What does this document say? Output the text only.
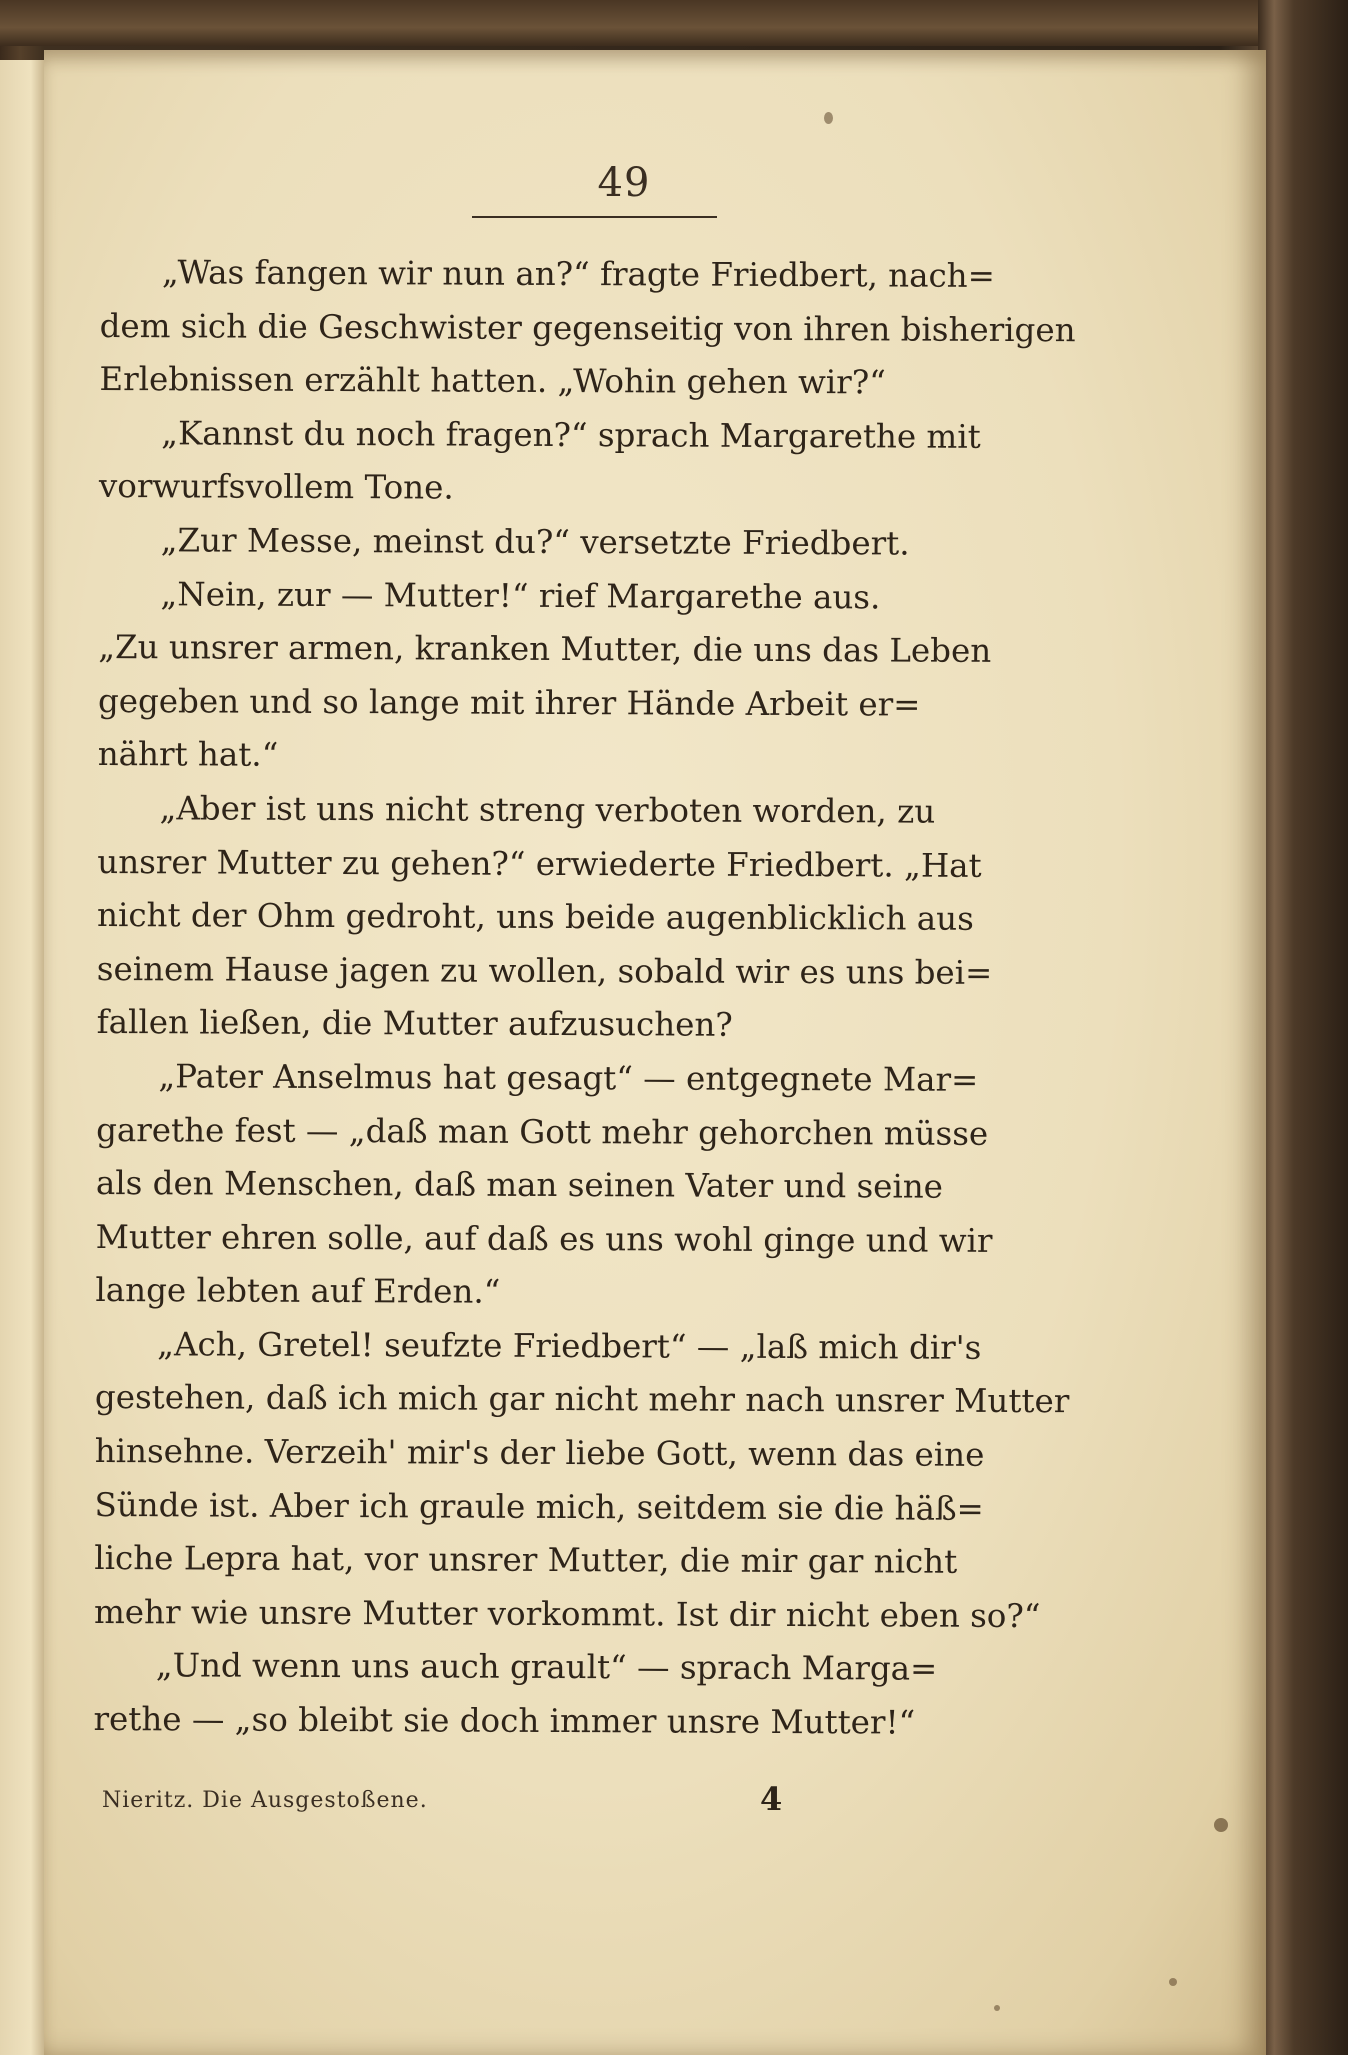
49
„Was fangen wir nun an?“ fragte Friedbert, nach=
dem sich die Geschwister gegenseitig von ihren bisherigen
Erlebnissen erzählt hatten. „Wohin gehen wir?“
„Kannst du noch fragen?“ sprach Margarethe mit
vorwurfsvollem Tone.
„Zur Messe, meinst du?“ versetzte Friedbert.
„Nein, zur — Mutter!“ rief Margarethe aus.
„Zu unsrer armen, kranken Mutter, die uns das Leben
gegeben und so lange mit ihrer Hände Arbeit er=
nährt hat.“
„Aber ist uns nicht streng verboten worden, zu
unsrer Mutter zu gehen?“ erwiederte Friedbert. „Hat
nicht der Ohm gedroht, uns beide augenblicklich aus
seinem Hause jagen zu wollen, sobald wir es uns bei=
fallen ließen, die Mutter aufzusuchen?
„Pater Anselmus hat gesagt“ — entgegnete Mar=
garethe fest — „daß man Gott mehr gehorchen müsse
als den Menschen, daß man seinen Vater und seine
Mutter ehren solle, auf daß es uns wohl ginge und wir
lange lebten auf Erden.“
„Ach, Gretel! seufzte Friedbert“ — „laß mich dir's
gestehen, daß ich mich gar nicht mehr nach unsrer Mutter
hinsehne. Verzeih' mir's der liebe Gott, wenn das eine
Sünde ist. Aber ich graule mich, seitdem sie die häß=
liche Lepra hat, vor unsrer Mutter, die mir gar nicht
mehr wie unsre Mutter vorkommt. Ist dir nicht eben so?“
„Und wenn uns auch grault“ — sprach Marga=
rethe — „so bleibt sie doch immer unsre Mutter!“
Nieritz. Die Ausgestoßene.	4
